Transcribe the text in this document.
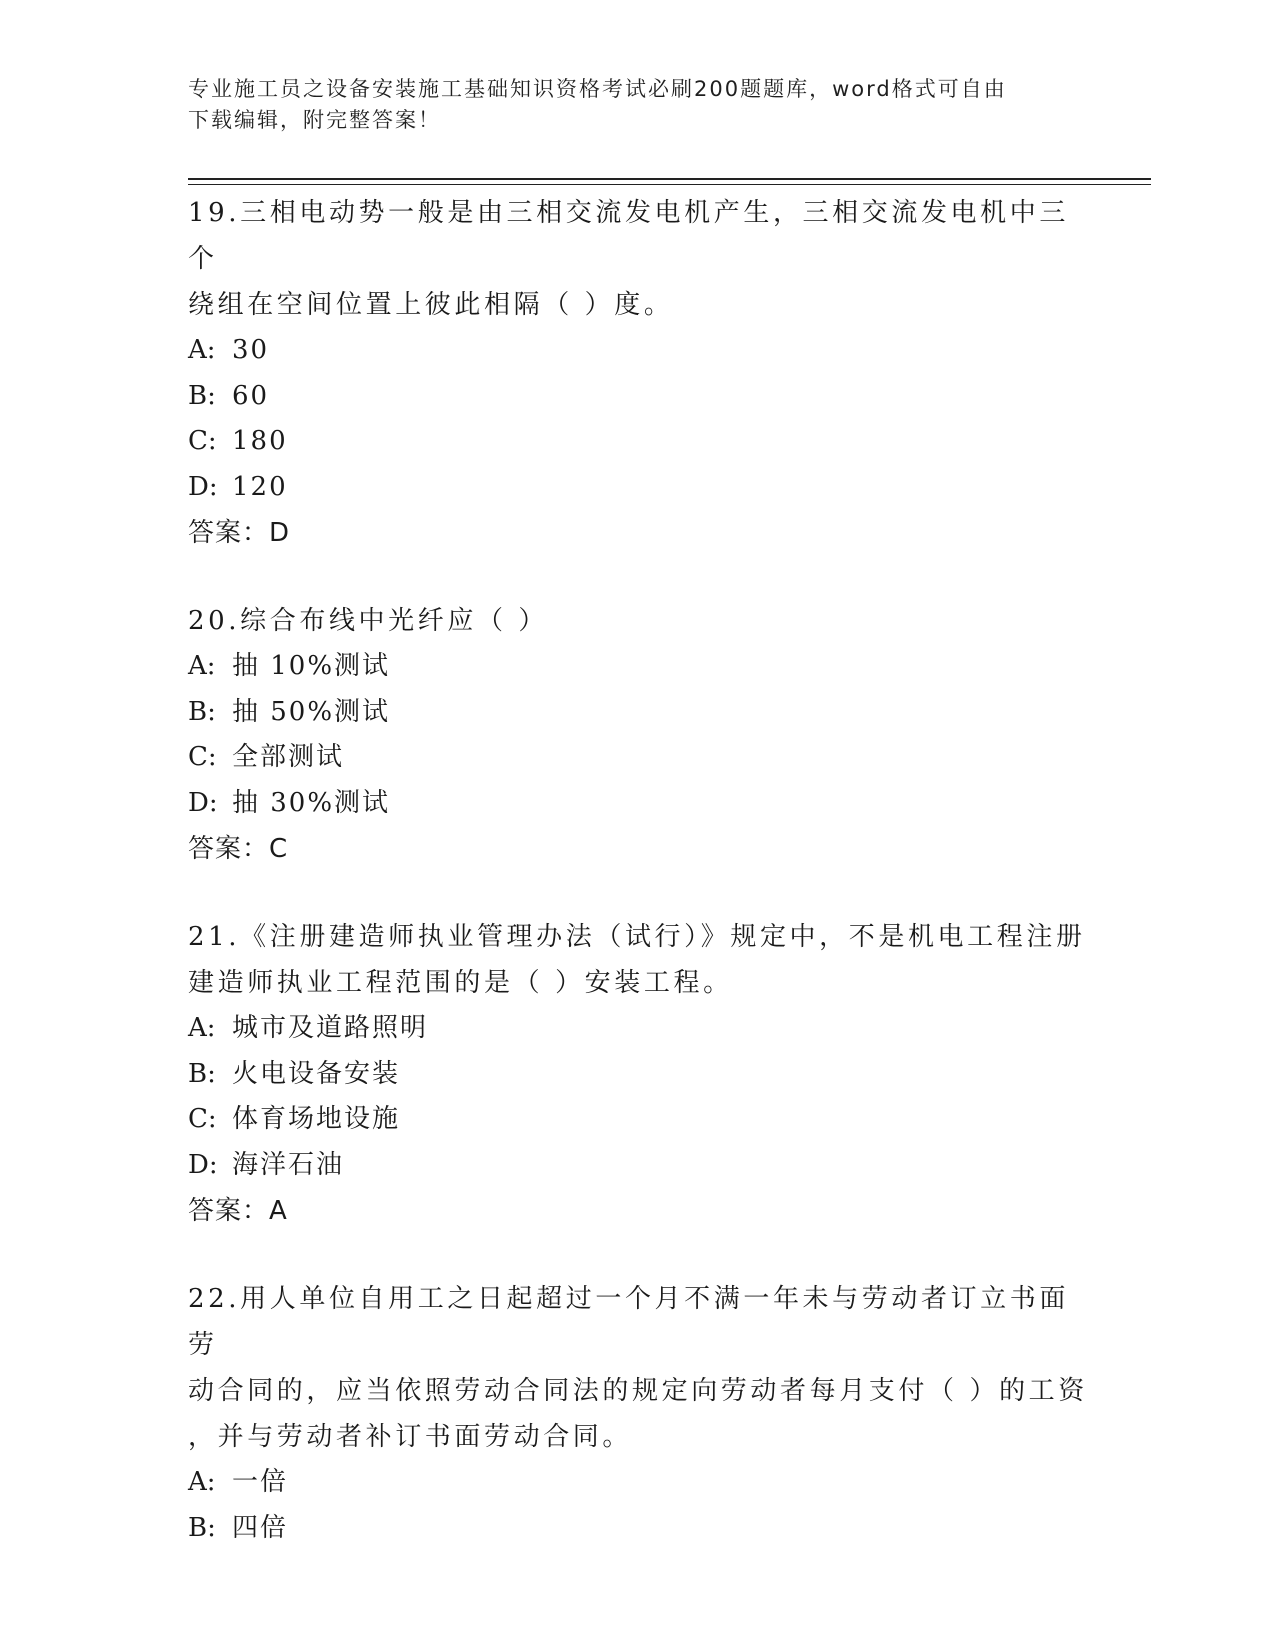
专业施工员之设备安装施工基础知识资格考试必刷200题题库，word格式可自由
下载编辑，附完整答案！

19.三相电动势一般是由三相交流发电机产生，三相交流发电机中三个
绕组在空间位置上彼此相隔（ ）度。

A: 30

B: 60

C: 180

D: 120

答案：D

20.综合布线中光纤应（ ）

A: 抽 10%测试

B: 抽 50%测试

C: 全部测试

D: 抽 30%测试

答案：C

21.《注册建造师执业管理办法（试行）》规定中，不是机电工程注册
建造师执业工程范围的是（ ）安装工程。

A: 城市及道路照明

B: 火电设备安装

C: 体育场地设施

D: 海洋石油

答案：A

22.用人单位自用工之日起超过一个月不满一年未与劳动者订立书面劳
动合同的，应当依照劳动合同法的规定向劳动者每月支付（ ）的工资
，并与劳动者补订书面劳动合同。

A: 一倍

B: 四倍
